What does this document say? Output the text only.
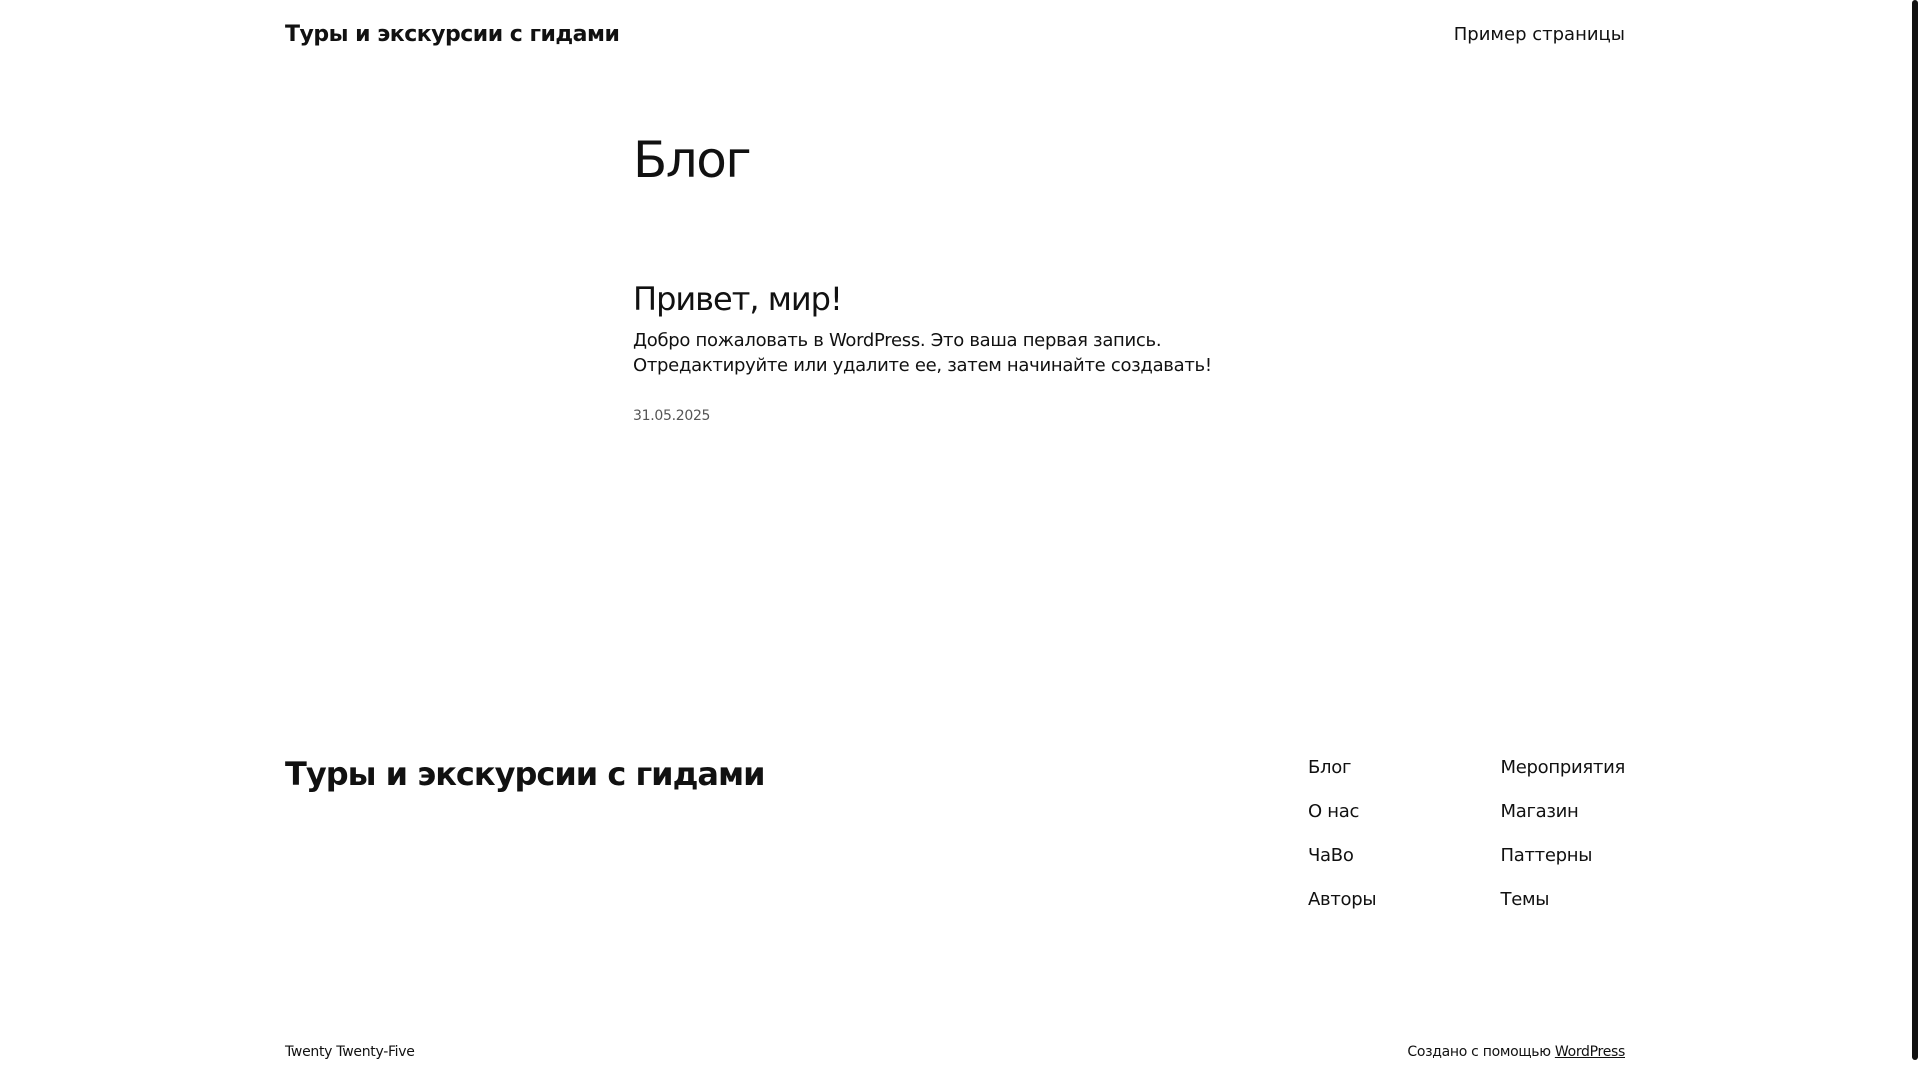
Туры и экскурсии с гидами	Пример страницы
Блог
Привет, мир!

Добро пожаловать в WordPress. Это ваша первая запись. Отредактируйте или удалите ее, затем начинайте создавать!

31.05.2025
Туры и экскурсии с гидами	Блог
О нас
ЧаВо
Авторы
Мероприятия
Магазин
Паттерны
Темы
Twenty Twenty-Five	Создано с помощью WordPress
